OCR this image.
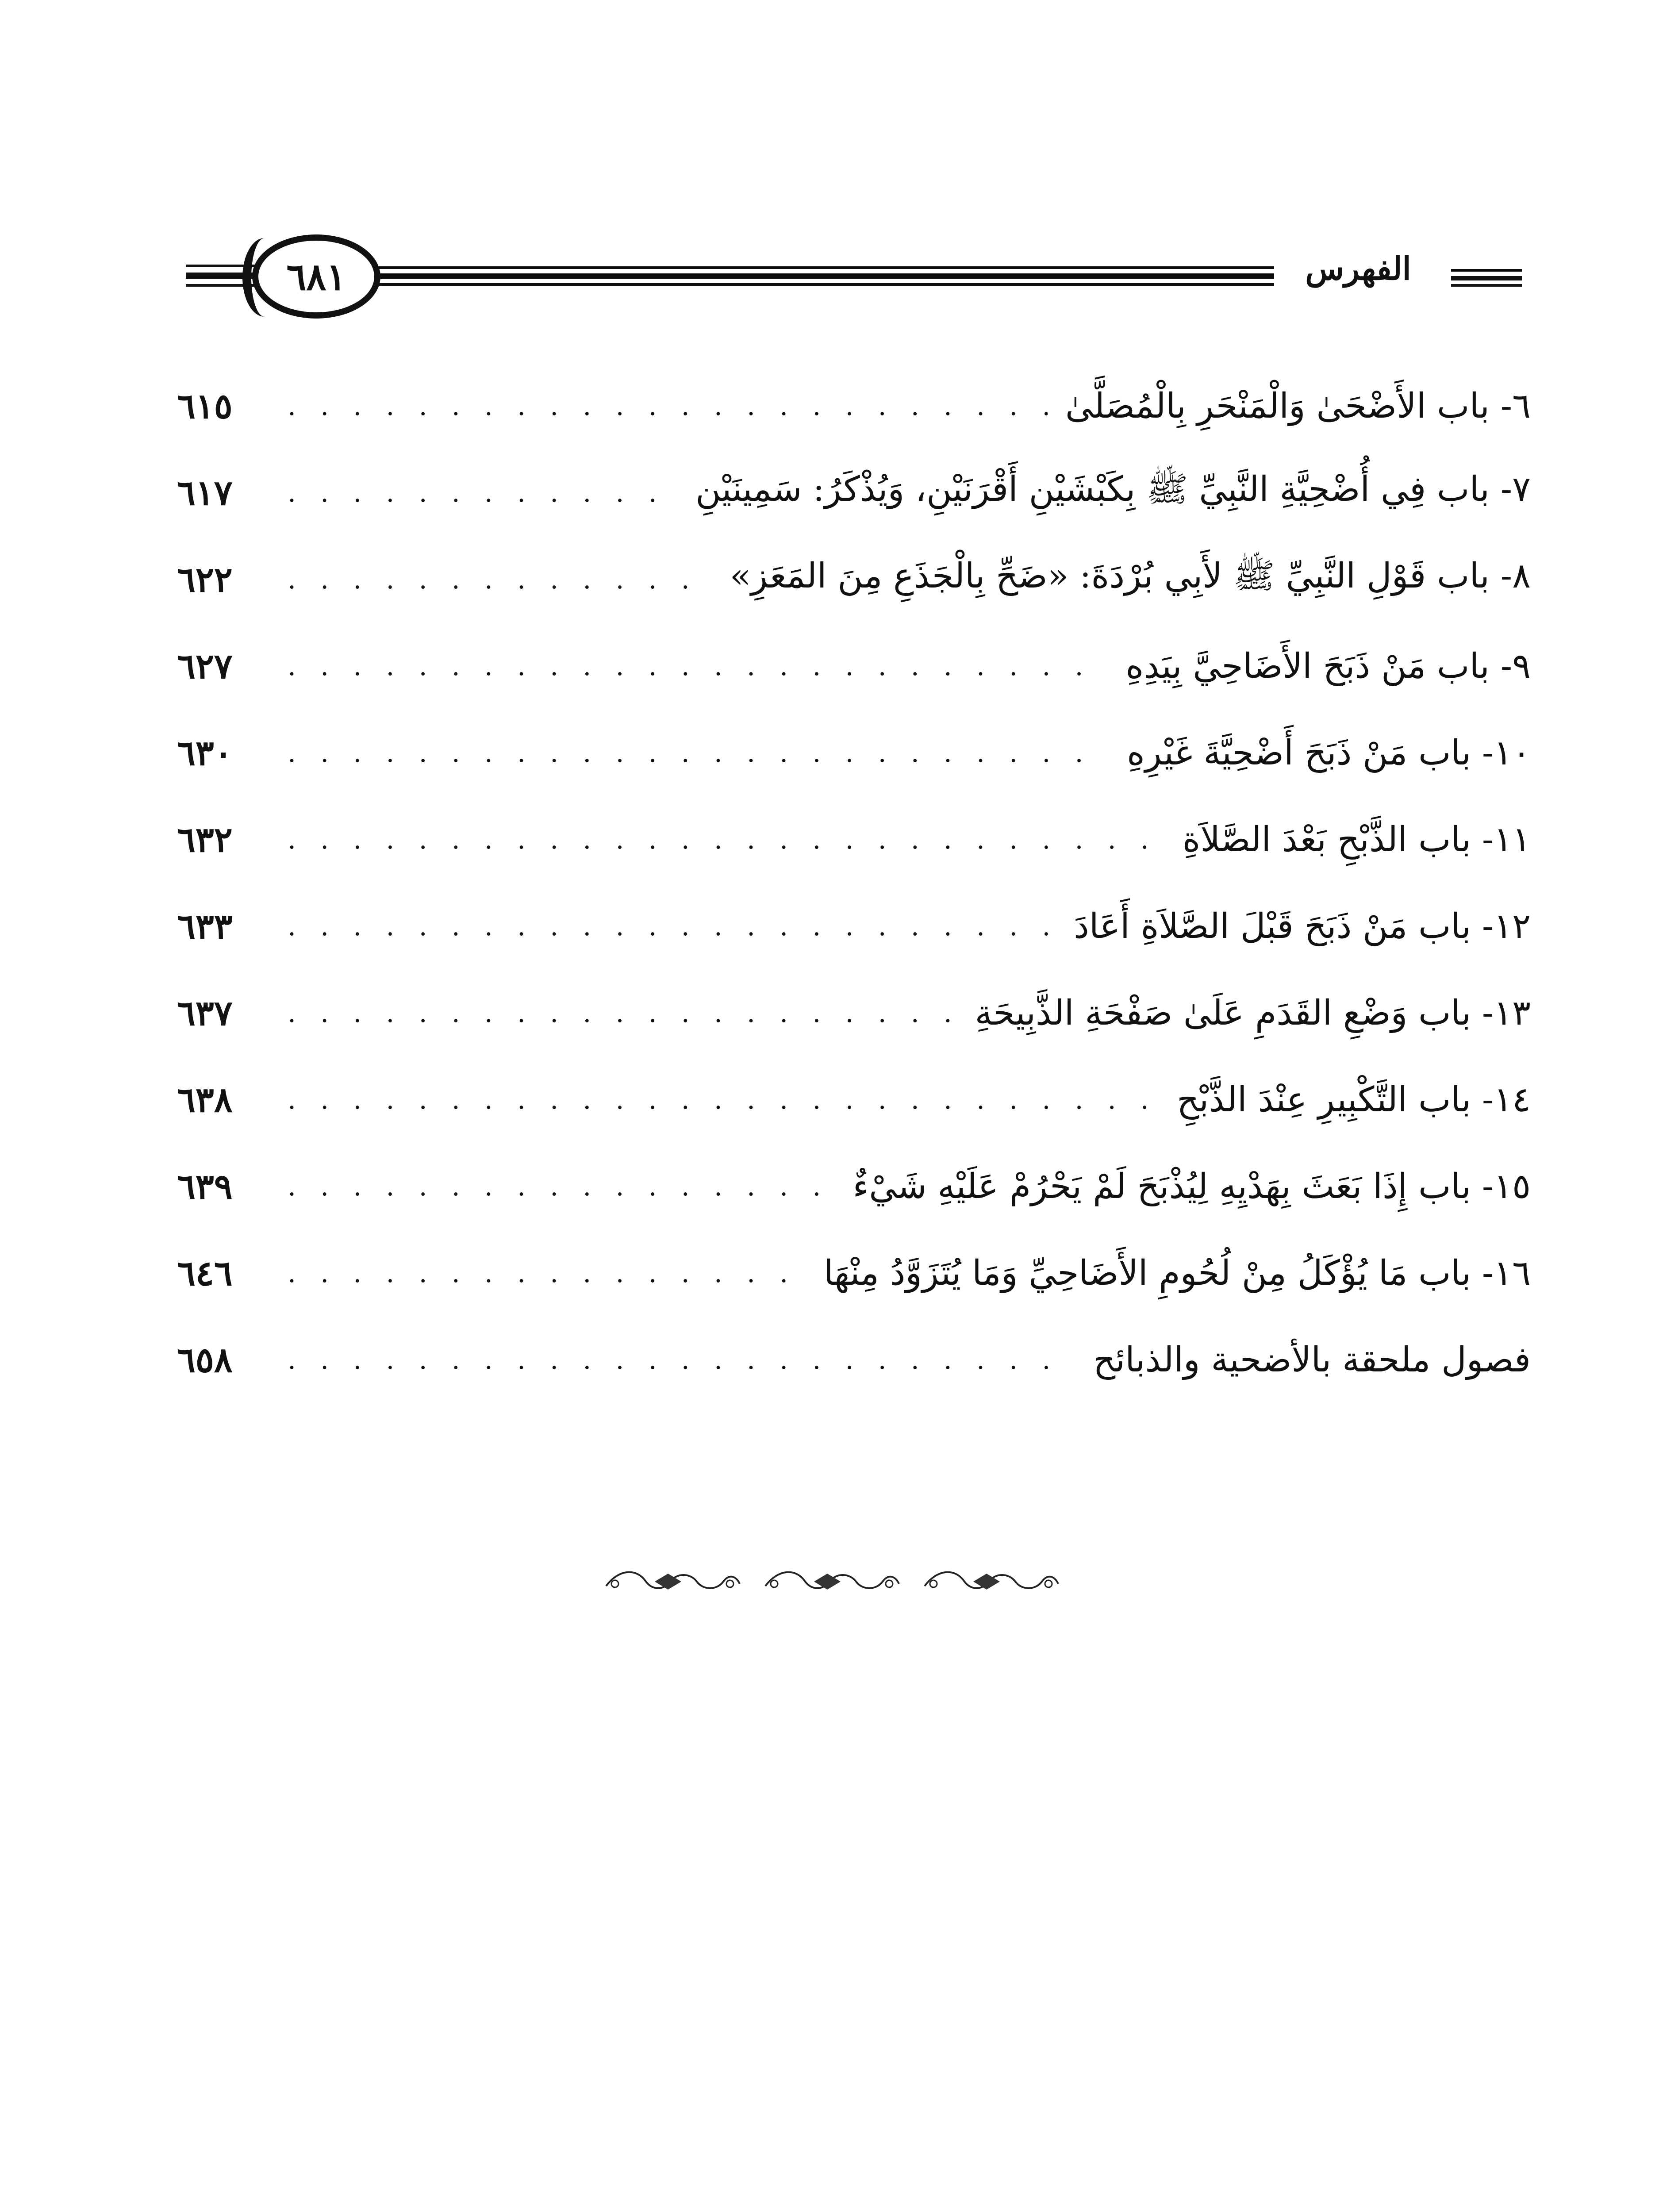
٦٨١	الفهرس
٦- باب الأَضْحَىٰ وَالْمَنْحَرِ بِالْمُصَلَّىٰ
. . .
٦١٥
٧- باب فِي أُضْحِيَّةِ النَّبِيِّ ﷺ بِكَبْشَيْنِ أَقْرَنَيْنِ، وَيُذْكَرُ: سَمِينَيْنِ
. . .
٦١٧
٨- باب قَوْلِ النَّبِيِّ ﷺ لأَبِي بُرْدَةَ: «ضَحِّ بِالْجَذَعِ مِنَ المَعَزِ»
. . .
٦٢٢
٩- باب مَنْ ذَبَحَ الأَضَاحِيَّ بِيَدِهِ
. . .
٦٢٧
١٠- باب مَنْ ذَبَحَ أَضْحِيَّةَ غَيْرِهِ
. . .
٦٣٠
١١- باب الذَّبْحِ بَعْدَ الصَّلاَةِ
. . .
٦٣٢
١٢- باب مَنْ ذَبَحَ قَبْلَ الصَّلاَةِ أَعَادَ
. . .
٦٣٣
١٣- باب وَضْعِ القَدَمِ عَلَىٰ صَفْحَةِ الذَّبِيحَةِ
. . .
٦٣٧
١٤- باب التَّكْبِيرِ عِنْدَ الذَّبْحِ
. . .
٦٣٨
١٥- باب إِذَا بَعَثَ بِهَدْيِهِ لِيُذْبَحَ لَمْ يَحْرُمْ عَلَيْهِ شَيْءٌ
. . .
٦٣٩
١٦- باب مَا يُؤْكَلُ مِنْ لُحُومِ الأَضَاحِيِّ وَمَا يُتَزَوَّدُ مِنْهَا
. . .
٦٤٦
فصول ملحقة بالأضحية والذبائح
. . .
٦٥٨
